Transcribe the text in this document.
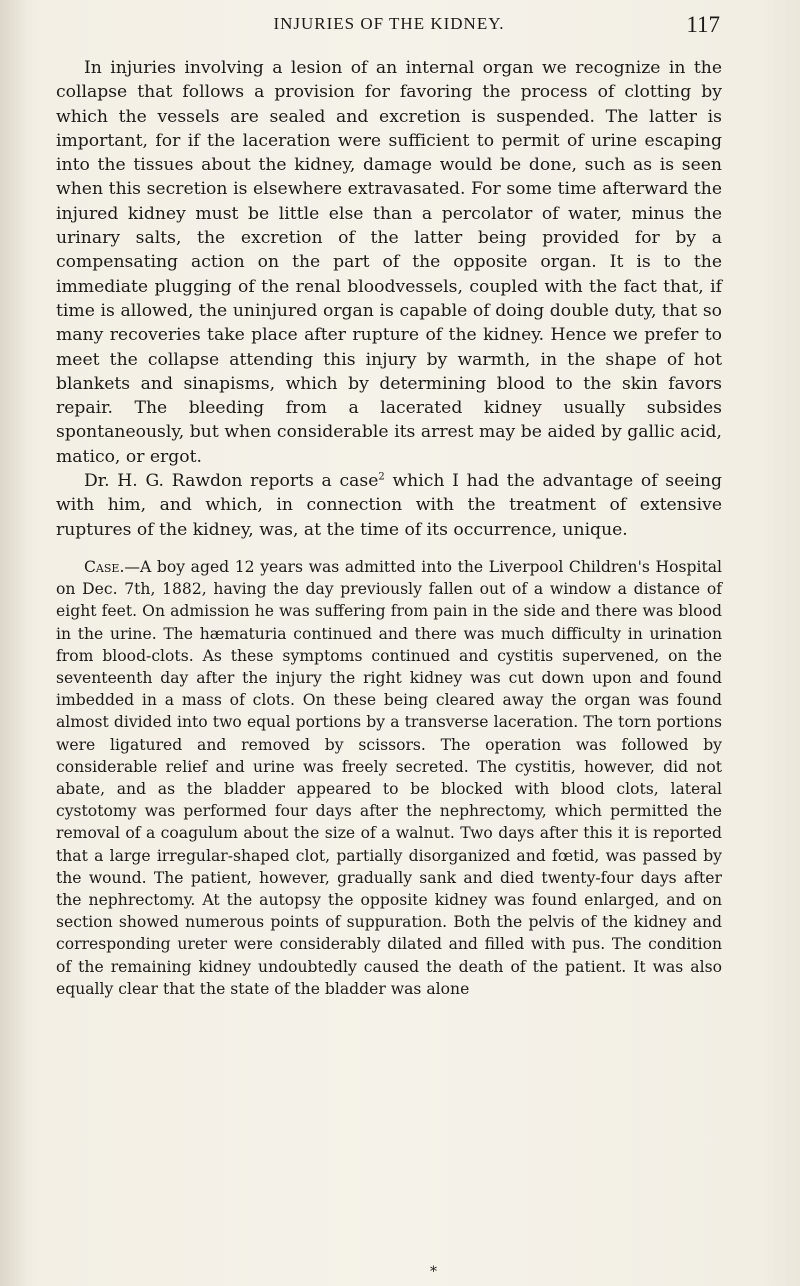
INJURIES OF THE KIDNEY.	117

In injuries involving a lesion of an internal organ we recognize in the collapse that follows a provision for favoring the process of clotting by which the vessels are sealed and excretion is suspended. The latter is important, for if the laceration were sufficient to permit of urine escaping into the tissues about the kidney, damage would be done, such as is seen when this secretion is elsewhere extravasated. For some time afterward the injured kidney must be little else than a percolator of water, minus the urinary salts, the excretion of the latter being provided for by a compensating action on the part of the opposite organ. It is to the immediate plugging of the renal bloodvessels, coupled with the fact that, if time is allowed, the uninjured organ is capable of doing double duty, that so many recoveries take place after rupture of the kidney. Hence we prefer to meet the collapse attending this injury by warmth, in the shape of hot blankets and sinapisms, which by determining blood to the skin favors repair. The bleeding from a lacerated kidney usually subsides spontaneously, but when considerable its arrest may be aided by gallic acid, matico, or ergot.

Dr. H. G. Rawdon reports a case$^2$ which I had the advantage of seeing with him, and which, in connection with the treatment of extensive ruptures of the kidney, was, at the time of its occurrence, unique.

Case.—A boy aged 12 years was admitted into the Liverpool Children's Hospital on Dec. 7th, 1882, having the day previously fallen out of a window a distance of eight feet. On admission he was suffering from pain in the side and there was blood in the urine. The hæmaturia continued and there was much difficulty in urination from blood-clots. As these symptoms continued and cystitis supervened, on the seventeenth day after the injury the right kidney was cut down upon and found imbedded in a mass of clots. On these being cleared away the organ was found almost divided into two equal portions by a transverse laceration. The torn portions were ligatured and removed by scissors. The operation was followed by considerable relief and urine was freely secreted. The cystitis, however, did not abate, and as the bladder appeared to be blocked with blood clots, lateral cystotomy was performed four days after the nephrectomy, which permitted the removal of a coagulum about the size of a walnut. Two days after this it is reported that a large irregular-shaped clot, partially disorganized and fœtid, was passed by the wound. The patient, however, gradually sank and died twenty-four days after the nephrectomy. At the autopsy the opposite kidney was found enlarged, and on section showed numerous points of suppuration. Both the pelvis of the kidney and corresponding ureter were considerably dilated and filled with pus. The condition of the remaining kidney undoubtedly caused the death of the patient. It was also equally clear that the state of the bladder was alone

*
